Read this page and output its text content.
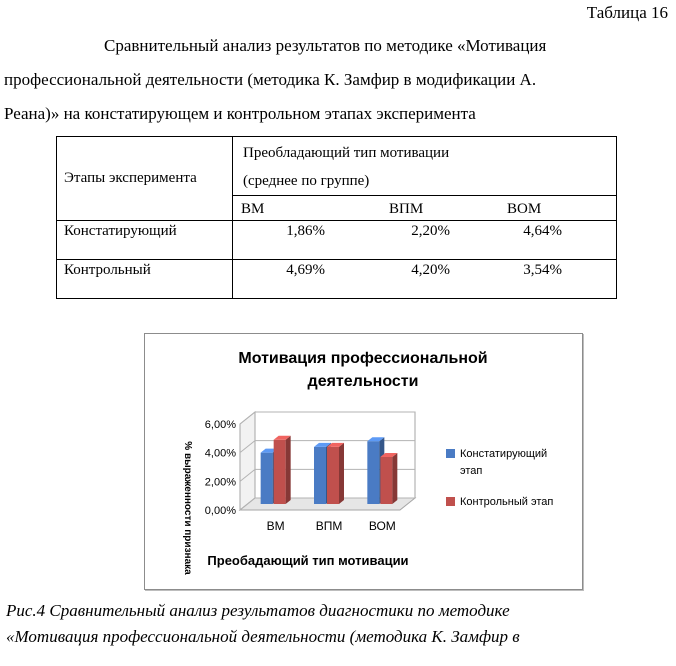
Таблица 16
Сравнительный анализ результатов по методике «Мотивация
профессиональной деятельности (методика К. Замфир в модификации А.
Реана)» на констатирующем и контрольном этапах эксперимента
Этапы эксперимента	Преобладающий тип мотивации
(среднее по группе)

	ВМ ВПМ ВОМ

Констатирующий	1,86% 2,20% 4,64%

Контрольный	4,69% 4,20% 3,54%
Мотивация профессиональной
деятельности
0,00%
2,00%
4,00%
6,00%
% выраженности признака	ВМ	ВПМ ВОМ
Преобадающий тип мотивации
Констатирующий этап
Контрольный этап
Рис.4 Сравнительный анализ результатов диагностики по методике
«Мотивация профессиональной деятельности (методика К. Замфир в
